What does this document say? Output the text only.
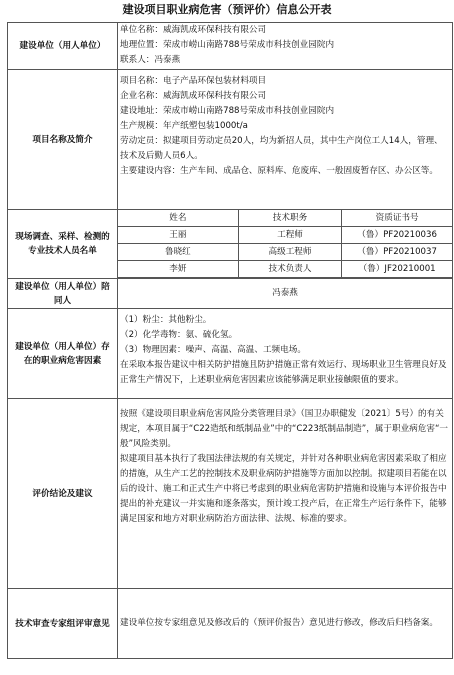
建设项目职业病危害（预评价）信息公开表
建设单位（用人单位）	
单位名称：威海凯成环保科技有限公司
地理位置：荣成市崂山南路788号荣成市科技创业园院内
联系人：冯泰燕

项目名称及简介	
项目名称：电子产品环保包装材料项目
企业名称：威海凯成环保科技有限公司
建设地址：荣成市崂山南路788号荣成市科技创业园院内
生产规模：年产纸塑包装1000t/a
劳动定员：拟建项目劳动定员20人，均为新招人员，其中生产岗位工人14人，管理、技术及后勤人员6人。
主要建设内容：生产车间、成品仓、原料库、危废库、一般固废暂存区、办公区等。

现场调查、采样、检测的专业技术人员名单	
姓名	技术职务	资质证书号
王丽	工程师	（鲁）PF20210036
鲁晓红	高级工程师	（鲁）PF20210037
李妍	技术负责人	（鲁）JF20210001

建设单位（用人单位）陪同人	冯泰燕
建设单位（用人单位）存在的职业病危害因素	
（1）粉尘：其他粉尘。
（2）化学毒物：氨、硫化氢。
（3）物理因素：噪声、高温、高温、工频电场。
在采取本报告建议中相关防护措施且防护措施正常有效运行、现场职业卫生管理良好及正常生产情况下，上述职业病危害因素应该能够满足职业接触限值的要求。

评价结论及建议	
按照《建设项目职业病危害风险分类管理目录》（国卫办职健发〔2021〕5号）的有关规定，本项目属于“C22造纸和纸制品业”中的“C223纸制品制造”，属于职业病危害“一般”风险类别。
拟建项目基本执行了我国法律法规的有关规定，并针对各种职业病危害因素采取了相应的措施，从生产工艺的控制技术及职业病防护措施等方面加以控制。拟建项目若能在以后的设计、施工和正式生产中将已考虑到的职业病危害防护措施和设施与本评价报告中提出的补充建议一并实施和逐条落实，预计竣工投产后，在正常生产运行条件下，能够满足国家和地方对职业病防治方面法律、法规、标准的要求。

技术审查专家组评审意见	建设单位按专家组意见及修改后的（预评价报告）意见进行修改，修改后归档备案。
